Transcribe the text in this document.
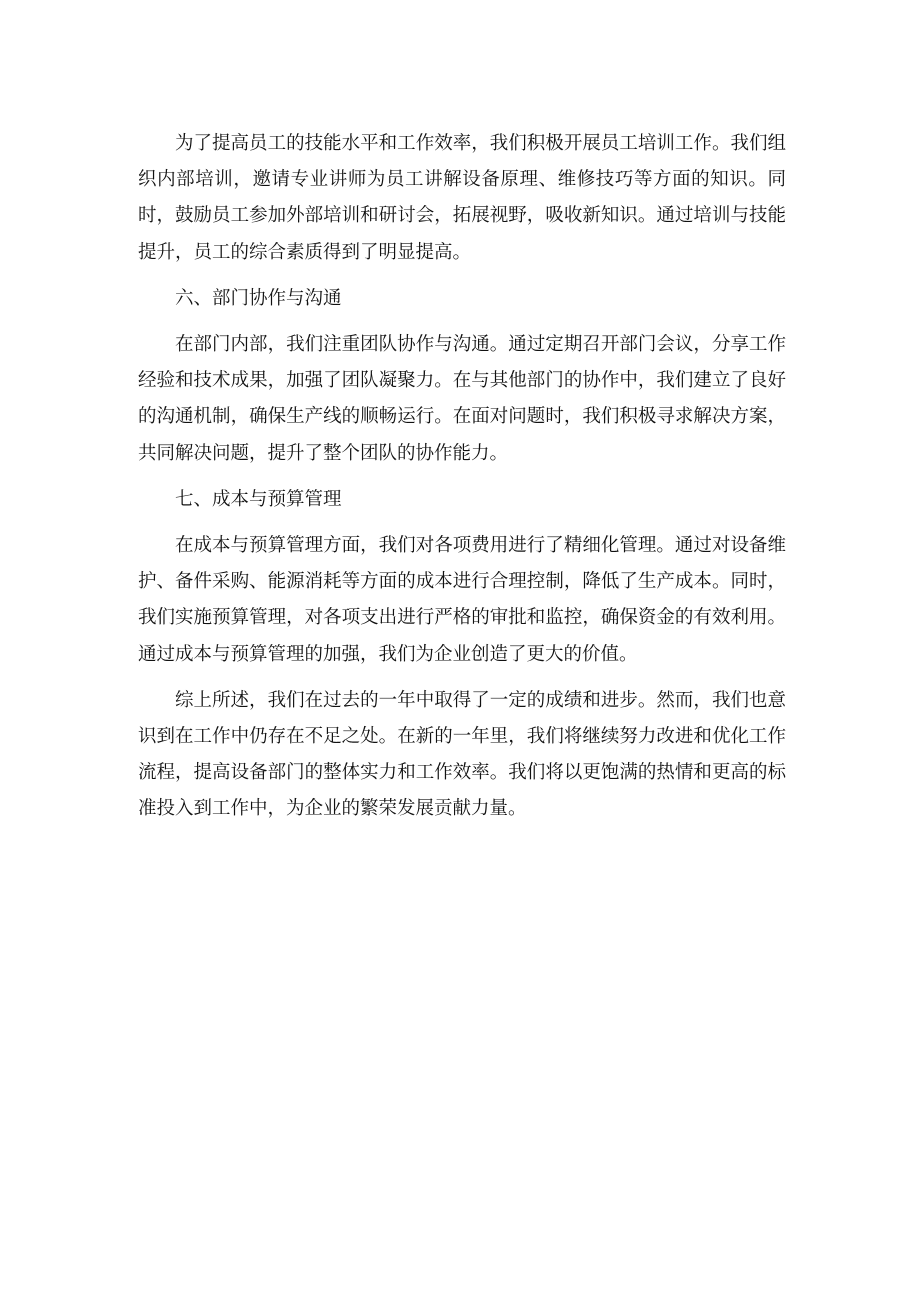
为了提高员工的技能水平和工作效率，我们积极开展员工培训工作。我们组织内部培训，邀请专业讲师为员工讲解设备原理、维修技巧等方面的知识。同时，鼓励员工参加外部培训和研讨会，拓展视野，吸收新知识。通过培训与技能提升，员工的综合素质得到了明显提高。

六、部门协作与沟通

在部门内部，我们注重团队协作与沟通。通过定期召开部门会议，分享工作经验和技术成果，加强了团队凝聚力。在与其他部门的协作中，我们建立了良好的沟通机制，确保生产线的顺畅运行。在面对问题时，我们积极寻求解决方案，共同解决问题，提升了整个团队的协作能力。

七、成本与预算管理

在成本与预算管理方面，我们对各项费用进行了精细化管理。通过对设备维护、备件采购、能源消耗等方面的成本进行合理控制，降低了生产成本。同时，我们实施预算管理，对各项支出进行严格的审批和监控，确保资金的有效利用。通过成本与预算管理的加强，我们为企业创造了更大的价值。

综上所述，我们在过去的一年中取得了一定的成绩和进步。然而，我们也意识到在工作中仍存在不足之处。在新的一年里，我们将继续努力改进和优化工作流程，提高设备部门的整体实力和工作效率。我们将以更饱满的热情和更高的标准投入到工作中，为企业的繁荣发展贡献力量。
